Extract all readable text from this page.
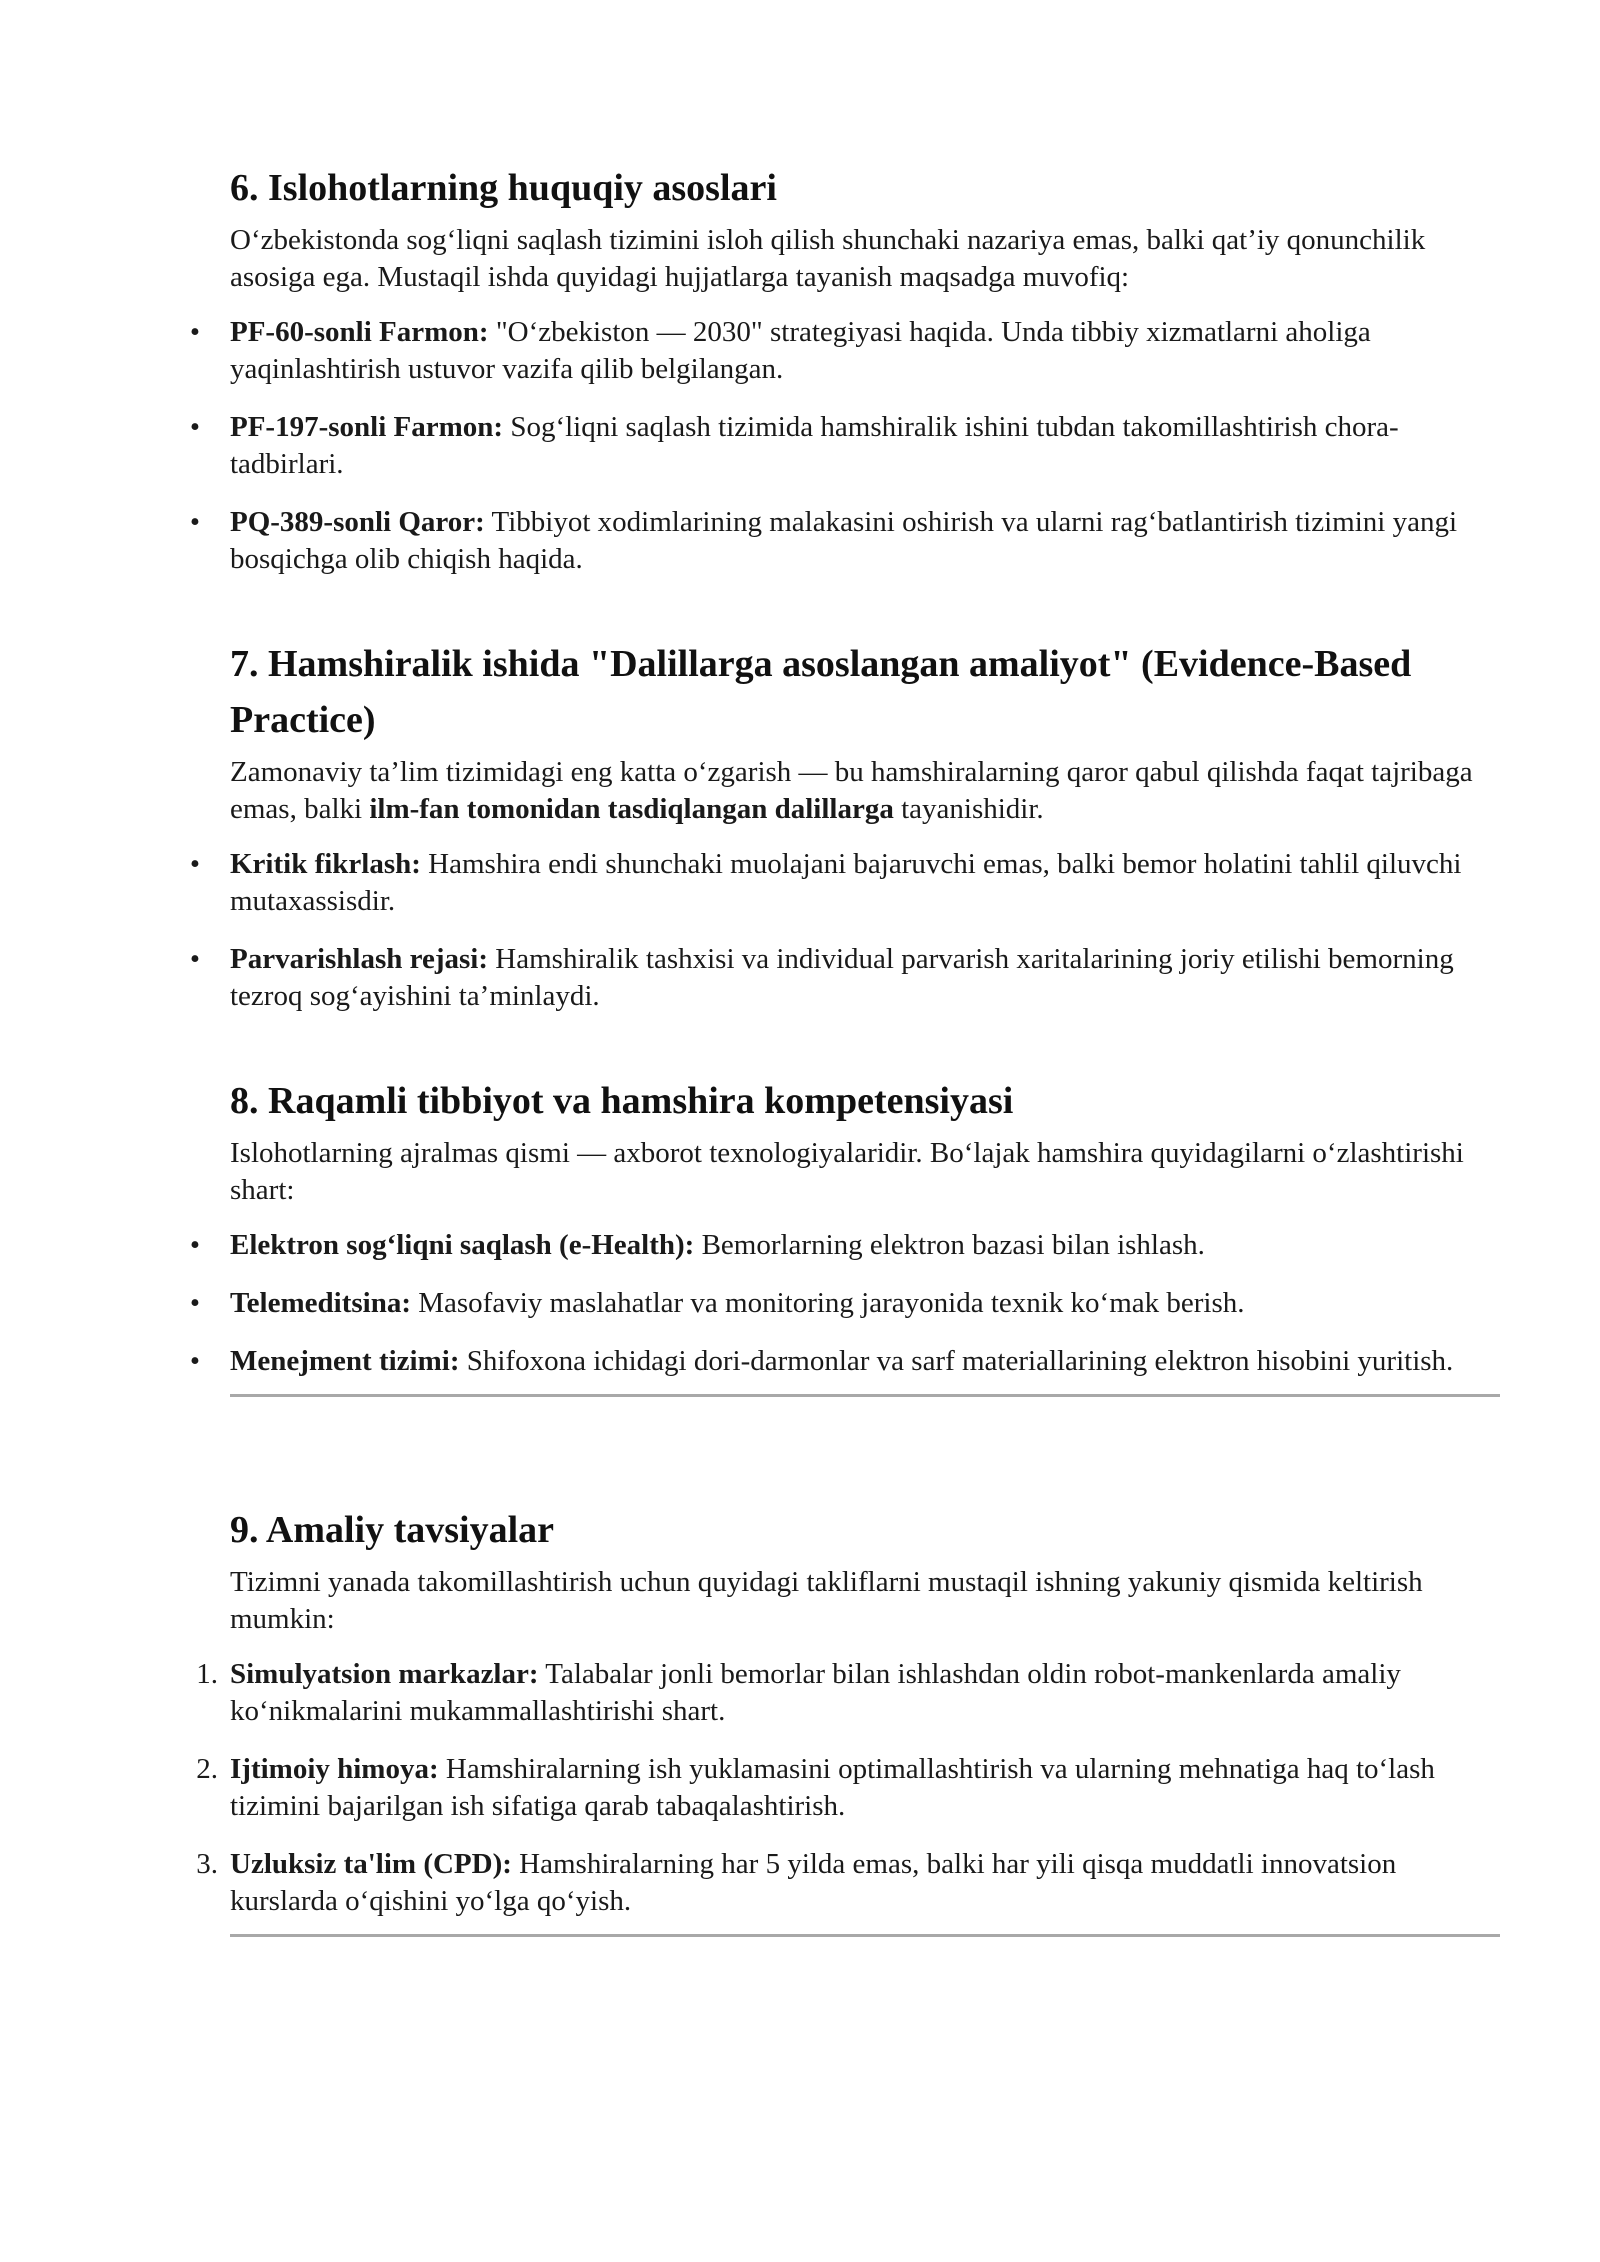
6. Islohotlarning huquqiy asoslari

O‘zbekistonda sog‘liqni saqlash tizimini isloh qilish shunchaki nazariya emas, balki qat’iy qonunchilik asosiga ega. Mustaqil ishda quyidagi hujjatlarga tayanish maqsadga muvofiq:

•	PF-60-sonli Farmon: "O‘zbekiston — 2030" strategiyasi haqida. Unda tibbiy xizmatlarni aholiga yaqinlashtirish ustuvor vazifa qilib belgilangan.
•	PF-197-sonli Farmon: Sog‘liqni saqlash tizimida hamshiralik ishini tubdan takomillashtirish chora-tadbirlari.
•	PQ-389-sonli Qaror: Tibbiyot xodimlarining malakasini oshirish va ularni rag‘batlantirish tizimini yangi bosqichga olib chiqish haqida.
7. Hamshiralik ishida "Dalillarga asoslangan amaliyot" (Evidence-Based Practice)

Zamonaviy ta’lim tizimidagi eng katta o‘zgarish — bu hamshiralarning qaror qabul qilishda faqat tajribaga emas, balki ilm-fan tomonidan tasdiqlangan dalillarga tayanishidir.

•	Kritik fikrlash: Hamshira endi shunchaki muolajani bajaruvchi emas, balki bemor holatini tahlil qiluvchi mutaxassisdir.
•	Parvarishlash rejasi: Hamshiralik tashxisi va individual parvarish xaritalarining joriy etilishi bemorning tezroq sog‘ayishini ta’minlaydi.
8. Raqamli tibbiyot va hamshira kompetensiyasi

Islohotlarning ajralmas qismi — axborot texnologiyalaridir. Bo‘lajak hamshira quyidagilarni o‘zlashtirishi shart:

•	Elektron sog‘liqni saqlash (e-Health): Bemorlarning elektron bazasi bilan ishlash.
•	Telemeditsina: Masofaviy maslahatlar va monitoring jarayonida texnik ko‘mak berish.
•	Menejment tizimi: Shifoxona ichidagi dori-darmonlar va sarf materiallarining elektron hisobini yuritish.
9. Amaliy tavsiyalar

Tizimni yanada takomillashtirish uchun quyidagi takliflarni mustaqil ishning yakuniy qismida keltirish mumkin:

1. Simulyatsion markazlar: Talabalar jonli bemorlar bilan ishlashdan oldin robot-mankenlarda amaliy ko‘nikmalarini mukammallashtirishi shart.
2. Ijtimoiy himoya: Hamshiralarning ish yuklamasini optimallashtirish va ularning mehnatiga haq to‘lash tizimini bajarilgan ish sifatiga qarab tabaqalashtirish.
3. Uzluksiz ta'lim (CPD): Hamshiralarning har 5 yilda emas, balki har yili qisqa muddatli innovatsion kurslarda o‘qishini yo‘lga qo‘yish.
